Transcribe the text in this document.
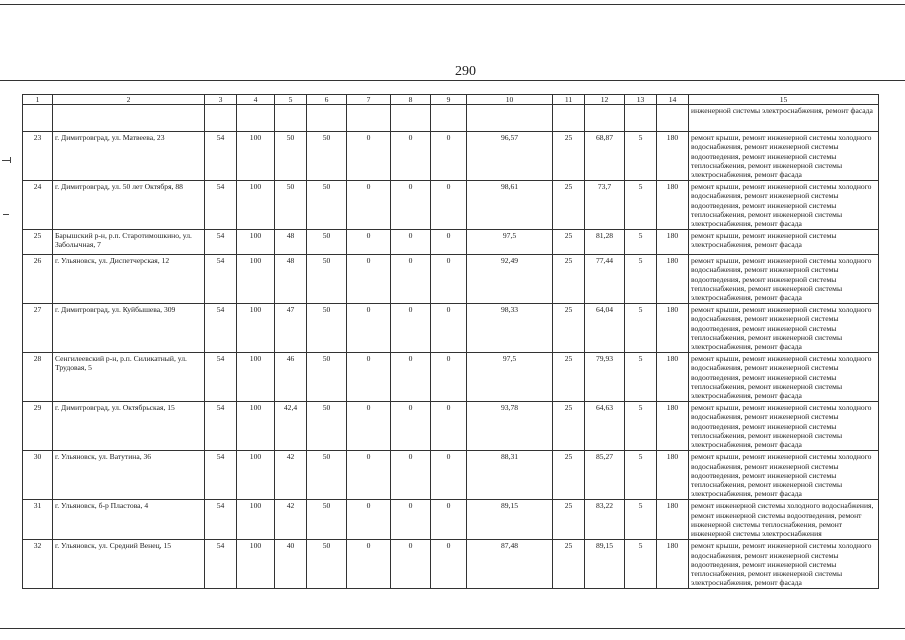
290
1	2	3	4	5	6	7	8	9	10	11	12	13	14	15
														инженерной системы электроснабжения, ремонт фасада
23	г. Димитровград, ул. Матвеева, 23	54	100	50	50	0	0	0	96,57	25	68,87	5	180	ремонт крыши, ремонт инженерной системы холодного водоснабжения, ремонт инженерной системы водоотведения, ремонт инженерной системы теплоснабжения, ремонт инженерной системы электроснабжения, ремонт фасада
24	г. Димитровград, ул. 50 лет Октября, 88	54	100	50	50	0	0	0	98,61	25	73,7	5	180	ремонт крыши, ремонт инженерной системы холодного водоснабжения, ремонт инженерной системы водоотведения, ремонт инженерной системы теплоснабжения, ремонт инженерной системы электроснабжения, ремонт фасада
25	Барышский р-н, р.п. Старотимошкино, ул. Заболычная, 7	54	100	48	50	0	0	0	97,5	25	81,28	5	180	ремонт крыши, ремонт инженерной системы электроснабжения, ремонт фасада
26	г. Ульяновск, ул. Диспетчерская, 12	54	100	48	50	0	0	0	92,49	25	77,44	5	180	ремонт крыши, ремонт инженерной системы холодного водоснабжения, ремонт инженерной системы водоотведения, ремонт инженерной системы теплоснабжения, ремонт инженерной системы электроснабжения, ремонт фасада
27	г. Димитровград, ул. Куйбышева, 309	54	100	47	50	0	0	0	98,33	25	64,04	5	180	ремонт крыши, ремонт инженерной системы холодного водоснабжения, ремонт инженерной системы водоотведения, ремонт инженерной системы теплоснабжения, ремонт инженерной системы электроснабжения, ремонт фасада
28	Сенгилеевский р-н, р.п. Силикатный, ул. Трудовая, 5	54	100	46	50	0	0	0	97,5	25	79,93	5	180	ремонт крыши, ремонт инженерной системы холодного водоснабжения, ремонт инженерной системы водоотведения, ремонт инженерной системы теплоснабжения, ремонт инженерной системы электроснабжения, ремонт фасада
29	г. Димитровград, ул. Октябрьская, 15	54	100	42,4	50	0	0	0	93,78	25	64,63	5	180	ремонт крыши, ремонт инженерной системы холодного водоснабжения, ремонт инженерной системы водоотведения, ремонт инженерной системы теплоснабжения, ремонт инженерной системы электроснабжения, ремонт фасада
30	г. Ульяновск, ул. Ватутина, 36	54	100	42	50	0	0	0	88,31	25	85,27	5	180	ремонт крыши, ремонт инженерной системы холодного водоснабжения, ремонт инженерной системы водоотведения, ремонт инженерной системы теплоснабжения, ремонт инженерной системы электроснабжения, ремонт фасада
31	г. Ульяновск, б-р Пластова, 4	54	100	42	50	0	0	0	89,15	25	83,22	5	180	ремонт инженерной системы холодного водоснабжения, ремонт инженерной системы водоотведения, ремонт инженерной системы теплоснабжения, ремонт инженерной системы электроснабжения
32	г. Ульяновск, ул. Средний Венец, 15	54	100	40	50	0	0	0	87,48	25	89,15	5	180	ремонт крыши, ремонт инженерной системы холодного водоснабжения, ремонт инженерной системы водоотведения, ремонт инженерной системы теплоснабжения, ремонт инженерной системы электроснабжения, ремонт фасада
